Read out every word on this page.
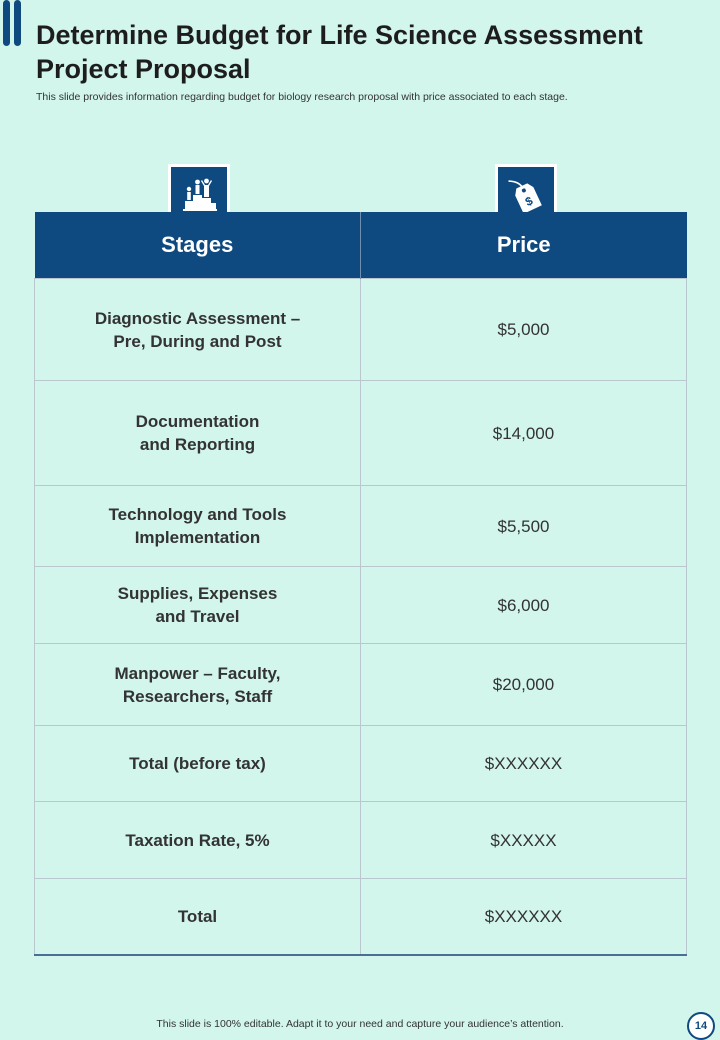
Determine Budget for Life Science Assessment Project Proposal

This slide provides information regarding budget for biology research proposal with price associated to each stage.

$
Stages	Price
Diagnostic Assessment – Pre, During and Post	$5,000
Documentation and Reporting	$14,000
Technology and Tools Implementation	$5,500
Supplies, Expenses and Travel	$6,000
Manpower – Faculty, Researchers, Staff	$20,000
Total (before tax)	$XXXXXX
Taxation Rate, 5%	$XXXXX
Total	$XXXXXX
This slide is 100% editable. Adapt it to your need and capture your audience’s attention.	14
